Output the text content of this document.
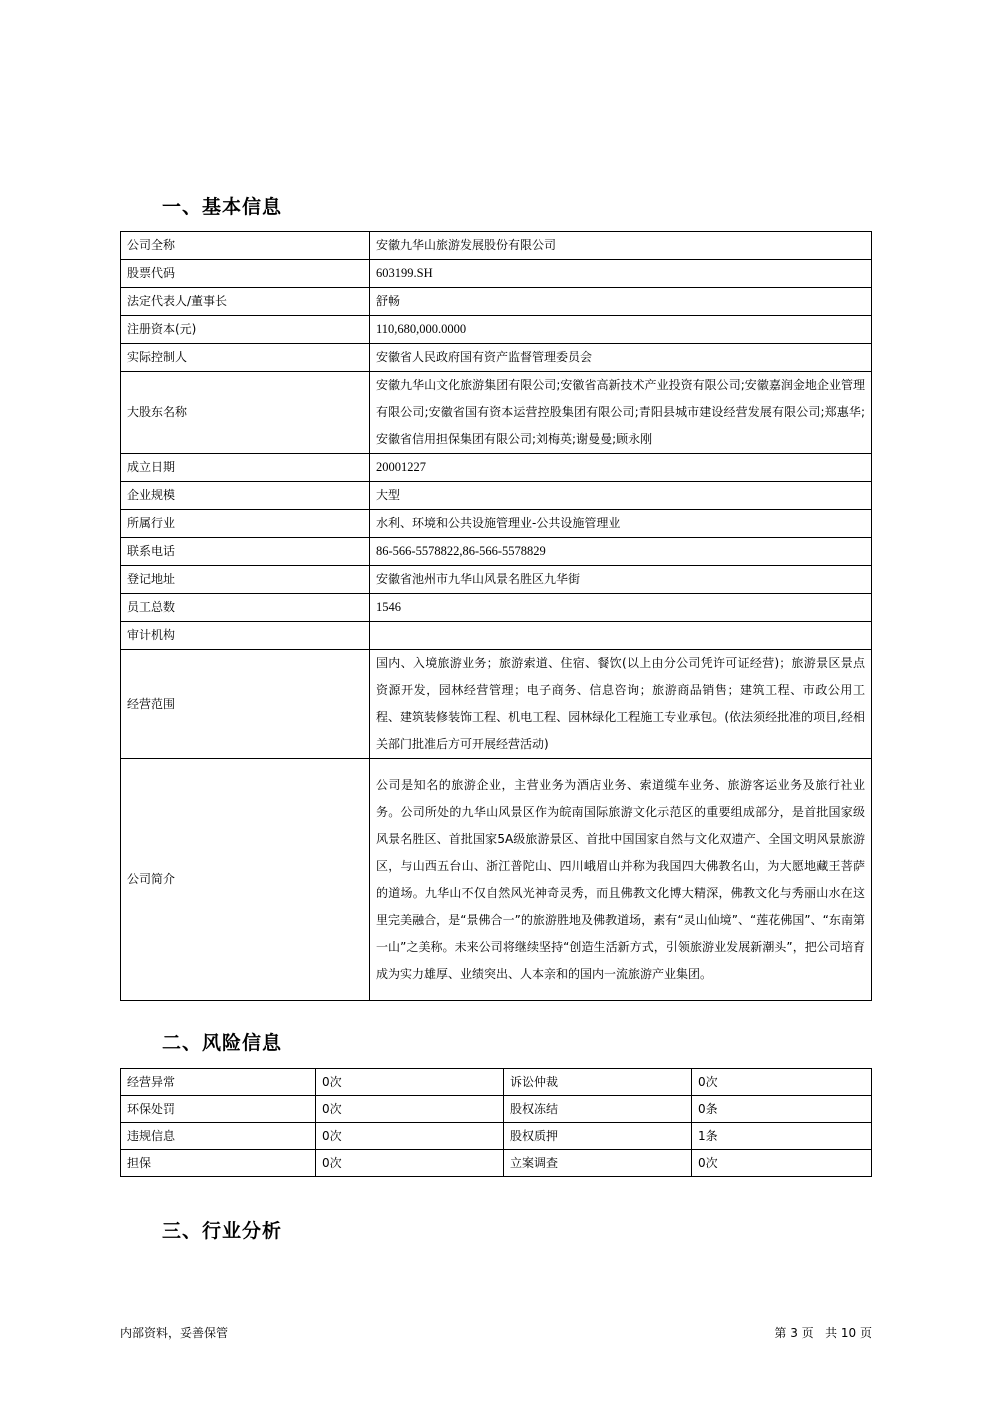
一、基本信息
公司全称	安徽九华山旅游发展股份有限公司
股票代码	603199.SH
法定代表人/董事长	舒畅
注册资本(元)	110,680,000.0000
实际控制人	安徽省人民政府国有资产监督管理委员会
大股东名称	安徽九华山文化旅游集团有限公司;安徽省高新技术产业投资有限公司;安徽嘉润金地企业管理有限公司;安徽省国有资本运营控股集团有限公司;青阳县城市建设经营发展有限公司;郑惠华;安徽省信用担保集团有限公司;刘梅英;谢曼曼;顾永刚
成立日期	20001227
企业规模	大型
所属行业	水利、环境和公共设施管理业-公共设施管理业
联系电话	86-566-5578822,86-566-5578829
登记地址	安徽省池州市九华山风景名胜区九华街
员工总数	1546
审计机构	
经营范围	国内、入境旅游业务；旅游索道、住宿、餐饮(以上由分公司凭许可证经营)；旅游景区景点资源开发，园林经营管理；电子商务、信息咨询；旅游商品销售；建筑工程、市政公用工程、建筑装修装饰工程、机电工程、园林绿化工程施工专业承包。(依法须经批准的项目,经相关部门批准后方可开展经营活动)
公司简介	公司是知名的旅游企业，主营业务为酒店业务、索道缆车业务、旅游客运业务及旅行社业务。公司所处的九华山风景区作为皖南国际旅游文化示范区的重要组成部分，是首批国家级风景名胜区、首批国家5A级旅游景区、首批中国国家自然与文化双遗产、全国文明风景旅游区，与山西五台山、浙江普陀山、四川峨眉山并称为我国四大佛教名山，为大愿地藏王菩萨的道场。九华山不仅自然风光神奇灵秀，而且佛教文化博大精深，佛教文化与秀丽山水在这里完美融合，是“景佛合一”的旅游胜地及佛教道场，素有“灵山仙境”、“莲花佛国”、“东南第一山”之美称。未来公司将继续坚持“创造生活新方式，引领旅游业发展新潮头”，把公司培育成为实力雄厚、业绩突出、人本亲和的国内一流旅游产业集团。
二、风险信息
经营异常	0次	诉讼仲裁	0次
环保处罚	0次	股权冻结	0条
违规信息	0次	股权质押	1条
担保	0次	立案调查	0次
三、行业分析
内部资料，妥善保管	第 3 页   共 10 页
